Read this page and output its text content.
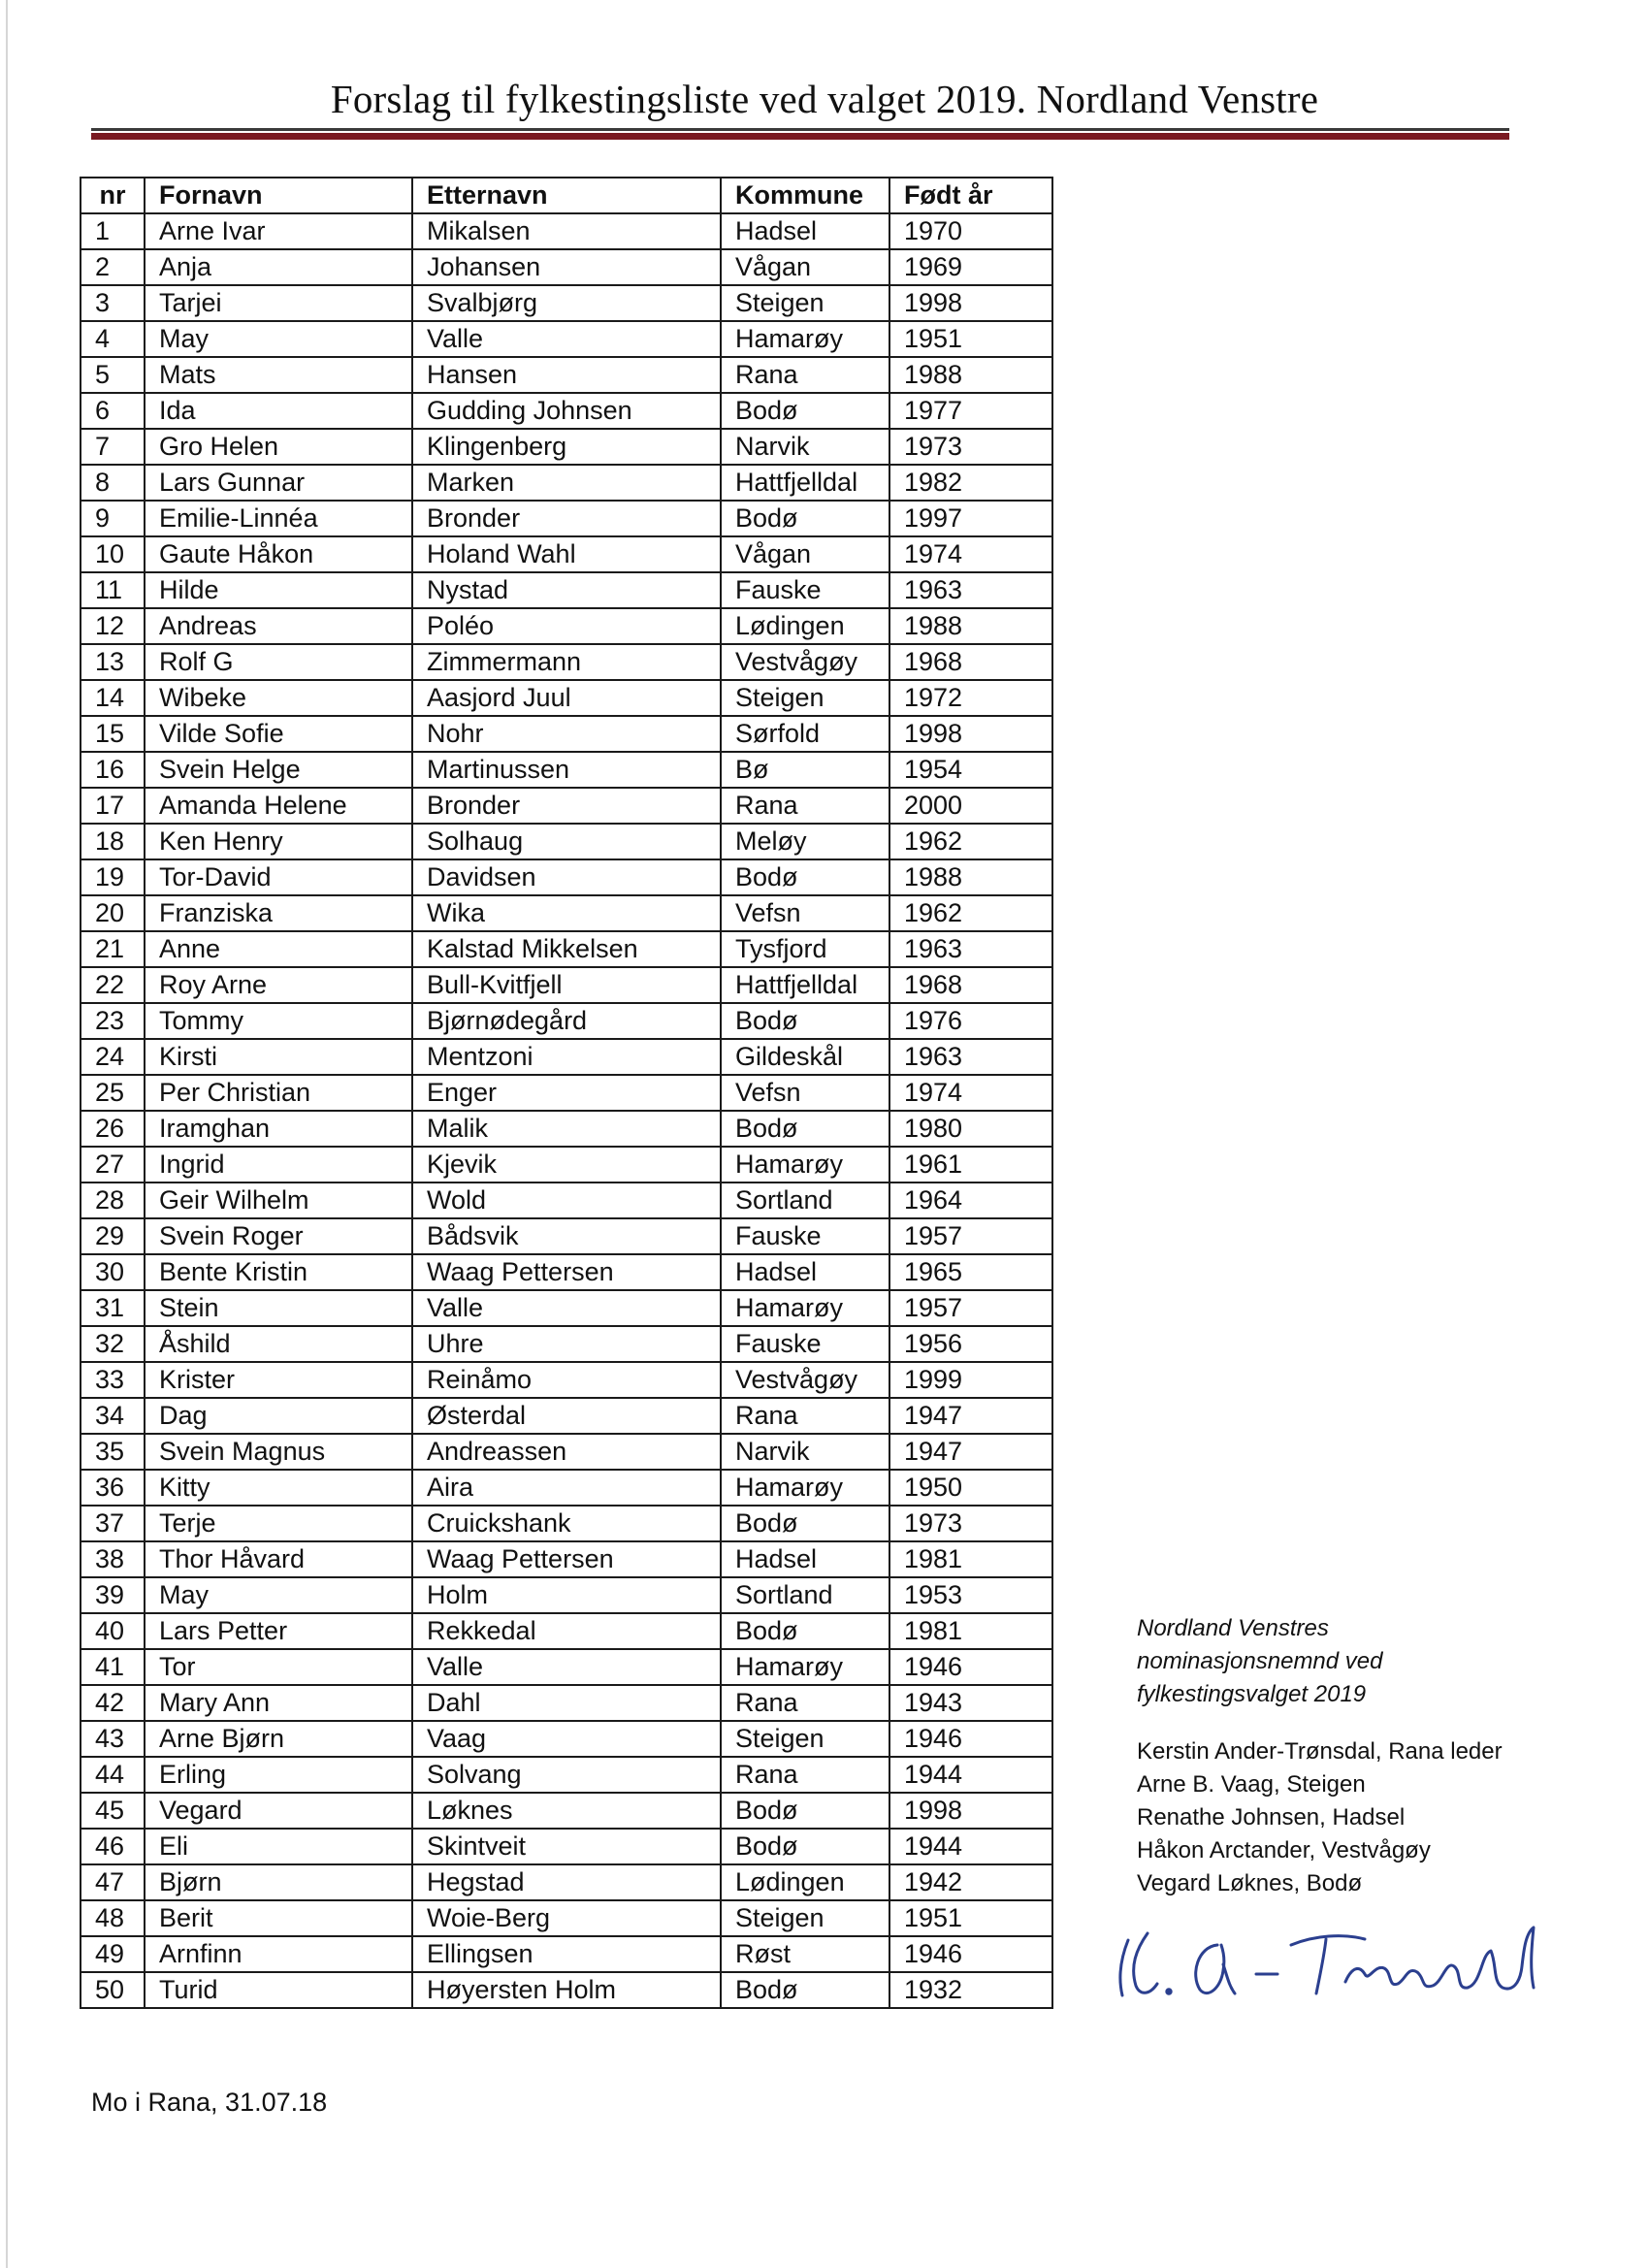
Forslag til fylkestingsliste ved valget 2019. Nordland Venstre
nr	Fornavn	Etternavn	Kommune	Født år
1	Arne Ivar	Mikalsen	Hadsel	1970
2	Anja	Johansen	Vågan	1969
3	Tarjei	Svalbjørg	Steigen	1998
4	May	Valle	Hamarøy	1951
5	Mats	Hansen	Rana	1988
6	Ida	Gudding Johnsen	Bodø	1977
7	Gro Helen	Klingenberg	Narvik	1973
8	Lars Gunnar	Marken	Hattfjelldal	1982
9	Emilie-Linnéa	Bronder	Bodø	1997
10	Gaute Håkon	Holand Wahl	Vågan	1974
11	Hilde	Nystad	Fauske	1963
12	Andreas	Poléo	Lødingen	1988
13	Rolf G	Zimmermann	Vestvågøy	1968
14	Wibeke	Aasjord Juul	Steigen	1972
15	Vilde Sofie	Nohr	Sørfold	1998
16	Svein Helge	Martinussen	Bø	1954
17	Amanda Helene	Bronder	Rana	2000
18	Ken Henry	Solhaug	Meløy	1962
19	Tor-David	Davidsen	Bodø	1988
20	Franziska	Wika	Vefsn	1962
21	Anne	Kalstad Mikkelsen	Tysfjord	1963
22	Roy Arne	Bull-Kvitfjell	Hattfjelldal	1968
23	Tommy	Bjørnødegård	Bodø	1976
24	Kirsti	Mentzoni	Gildeskål	1963
25	Per Christian	Enger	Vefsn	1974
26	Iramghan	Malik	Bodø	1980
27	Ingrid	Kjevik	Hamarøy	1961
28	Geir Wilhelm	Wold	Sortland	1964
29	Svein Roger	Bådsvik	Fauske	1957
30	Bente Kristin	Waag Pettersen	Hadsel	1965
31	Stein	Valle	Hamarøy	1957
32	Åshild	Uhre	Fauske	1956
33	Krister	Reinåmo	Vestvågøy	1999
34	Dag	Østerdal	Rana	1947
35	Svein Magnus	Andreassen	Narvik	1947
36	Kitty	Aira	Hamarøy	1950
37	Terje	Cruickshank	Bodø	1973
38	Thor Håvard	Waag Pettersen	Hadsel	1981
39	May	Holm	Sortland	1953
40	Lars Petter	Rekkedal	Bodø	1981
41	Tor	Valle	Hamarøy	1946
42	Mary Ann	Dahl	Rana	1943
43	Arne Bjørn	Vaag	Steigen	1946
44	Erling	Solvang	Rana	1944
45	Vegard	Løknes	Bodø	1998
46	Eli	Skintveit	Bodø	1944
47	Bjørn	Hegstad	Lødingen	1942
48	Berit	Woie-Berg	Steigen	1951
49	Arnfinn	Ellingsen	Røst	1946
50	Turid	Høyersten Holm	Bodø	1932
Mo i Rana, 31.07.18
Nordland Venstres
nominasjonsnemnd ved
fylkestingsvalget 2019
Kerstin Ander-Trønsdal, Rana leder
Arne B. Vaag, Steigen
Renathe Johnsen, Hadsel
Håkon Arctander, Vestvågøy
Vegard Løknes, Bodø
